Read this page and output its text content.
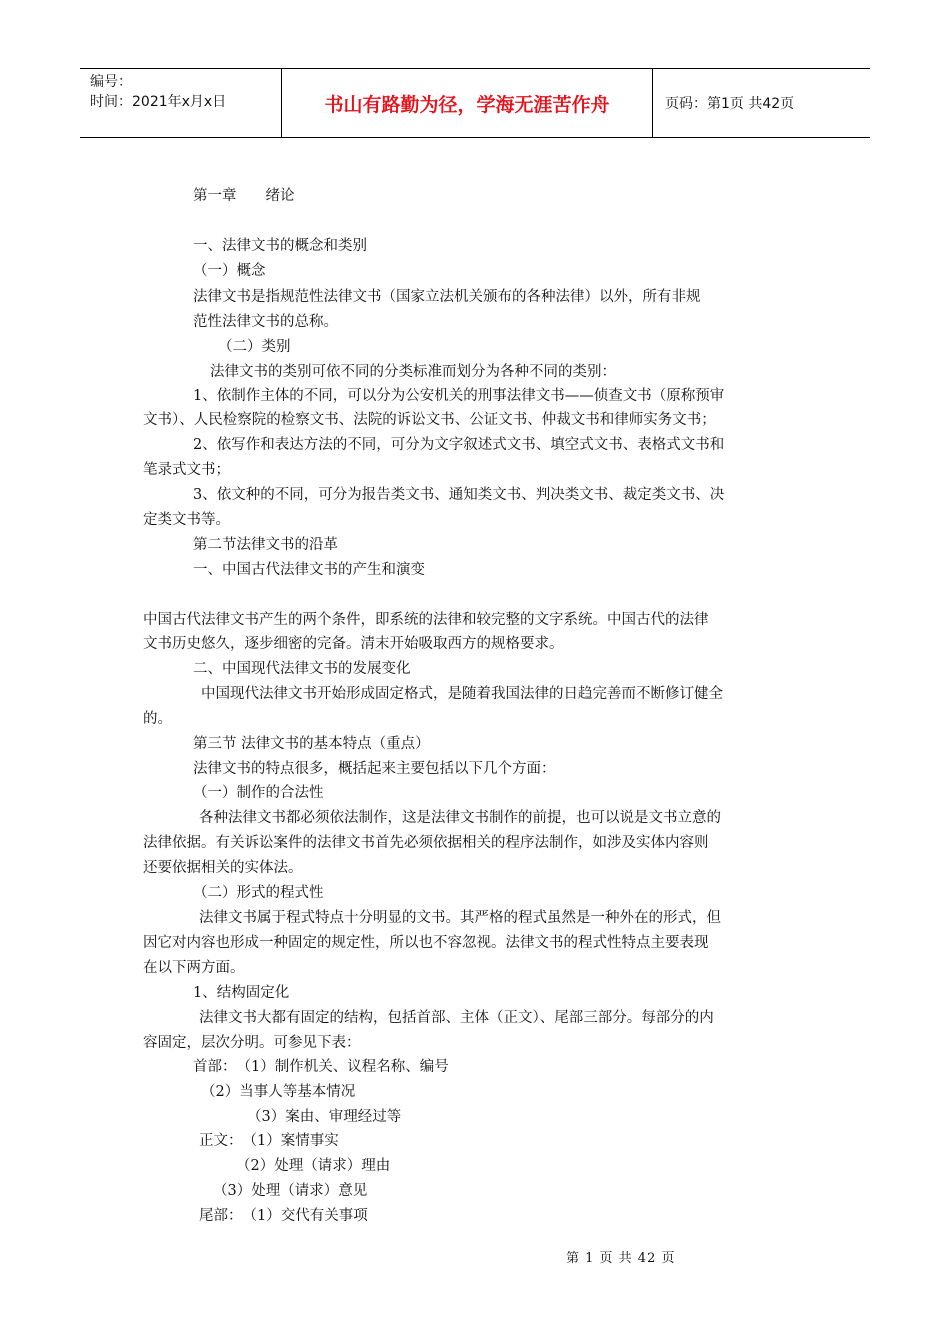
编号：
时间：2021年x月x日	书山有路勤为径，学海无涯苦作舟	页码：第1页 共42页
第一章　　绪论
一、法律文书的概念和类别
（一）概念
法律文书是指规范性法律文书（国家立法机关颁布的各种法律）以外，所有非规
范性法律文书的总称。
（二）类别
法律文书的类别可依不同的分类标准而划分为各种不同的类别：
1、依制作主体的不同，可以分为公安机关的刑事法律文书——侦查文书（原称预审
文书）、人民检察院的检察文书、法院的诉讼文书、公证文书、仲裁文书和律师实务文书；
2、依写作和表达方法的不同，可分为文字叙述式文书、填空式文书、表格式文书和
笔录式文书；
3、依文种的不同，可分为报告类文书、通知类文书、判决类文书、裁定类文书、决
定类文书等。
第二节法律文书的沿革
一、中国古代法律文书的产生和演变
中国古代法律文书产生的两个条件，即系统的法律和较完整的文字系统。中国古代的法律
文书历史悠久，逐步细密的完备。清末开始吸取西方的规格要求。
二、中国现代法律文书的发展变化
中国现代法律文书开始形成固定格式，是随着我国法律的日趋完善而不断修订健全
的。
第三节 法律文书的基本特点（重点）
法律文书的特点很多，概括起来主要包括以下几个方面：
（一）制作的合法性
各种法律文书都必须依法制作，这是法律文书制作的前提，也可以说是文书立意的
法律依据。有关诉讼案件的法律文书首先必须依据相关的程序法制作，如涉及实体内容则
还要依据相关的实体法。
（二）形式的程式性
法律文书属于程式特点十分明显的文书。其严格的程式虽然是一种外在的形式，但
因它对内容也形成一种固定的规定性，所以也不容忽视。法律文书的程式性特点主要表现
在以下两方面。
1、结构固定化
法律文书大都有固定的结构，包括首部、主体（正文）、尾部三部分。每部分的内
容固定，层次分明。可参见下表：
首部：　（1）制作机关、议程名称、编号
（2）当事人等基本情况
（3）案由、审理经过等
正文：　（1）案情事实
（2）处理（请求）理由
（3）处理（请求）意见
尾部：　（1）交代有关事项
第 1 页 共 42 页
